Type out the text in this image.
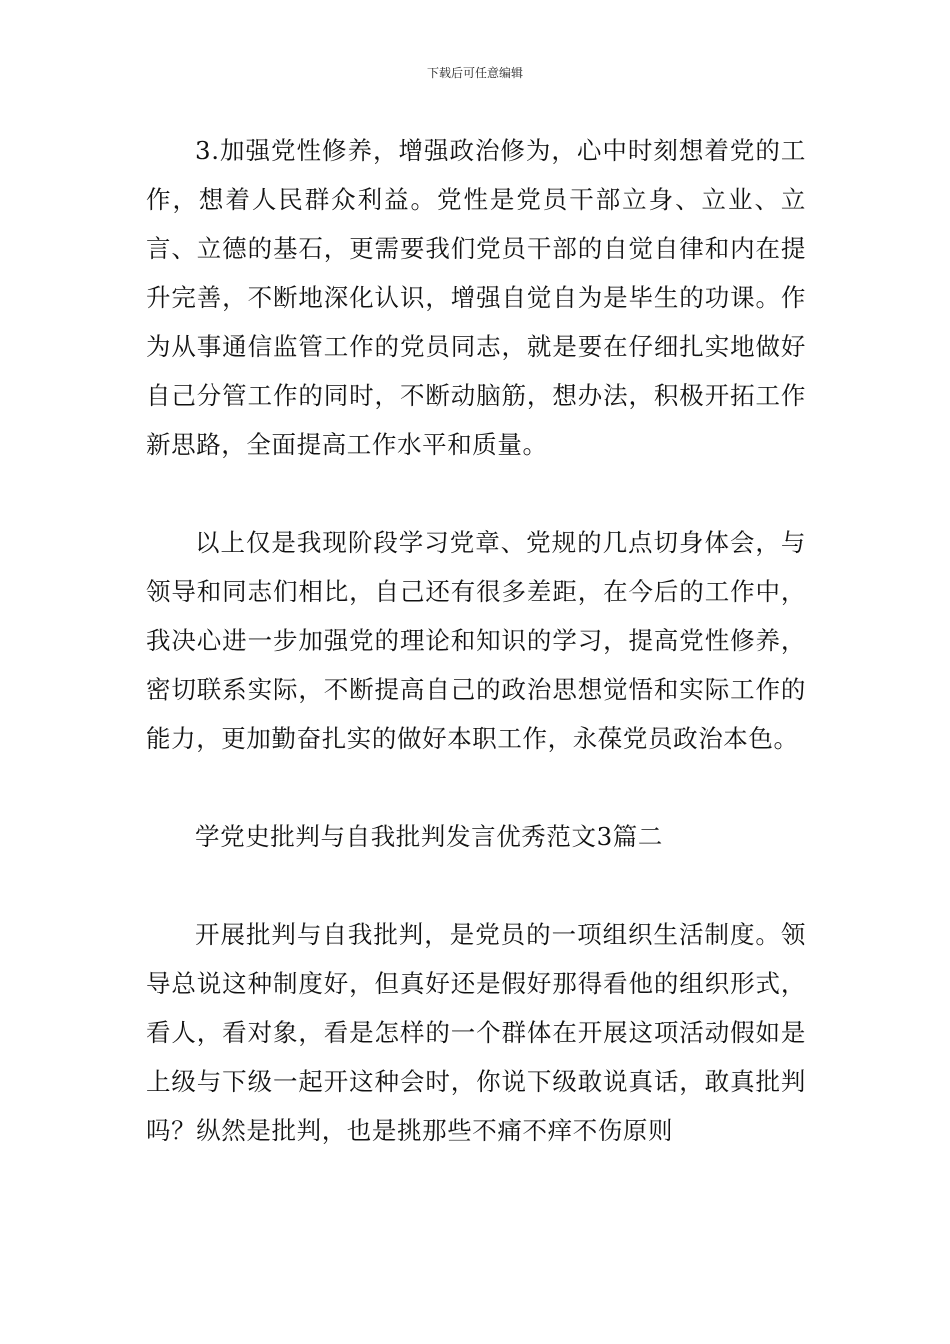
下载后可任意编辑

3.加强党性修养，增强政治修为，心中时刻想着党的工作，想着人民群众利益。党性是党员干部立身、立业、立言、立德的基石，更需要我们党员干部的自觉自律和内在提升完善，不断地深化认识，增强自觉自为是毕生的功课。作为从事通信监管工作的党员同志，就是要在仔细扎实地做好自己分管工作的同时，不断动脑筋，想办法，积极开拓工作新思路，全面提高工作水平和质量。

以上仅是我现阶段学习党章、党规的几点切身体会，与领导和同志们相比，自己还有很多差距，在今后的工作中，我决心进一步加强党的理论和知识的学习，提高党性修养，密切联系实际，不断提高自己的政治思想觉悟和实际工作的能力，更加勤奋扎实的做好本职工作，永葆党员政治本色。

学党史批判与自我批判发言优秀范文3篇二

开展批判与自我批判，是党员的一项组织生活制度。领导总说这种制度好，但真好还是假好那得看他的组织形式，看人，看对象，看是怎样的一个群体在开展这项活动假如是上级与下级一起开这种会时，你说下级敢说真话，敢真批判吗？纵然是批判，也是挑那些不痛不痒不伤原则
